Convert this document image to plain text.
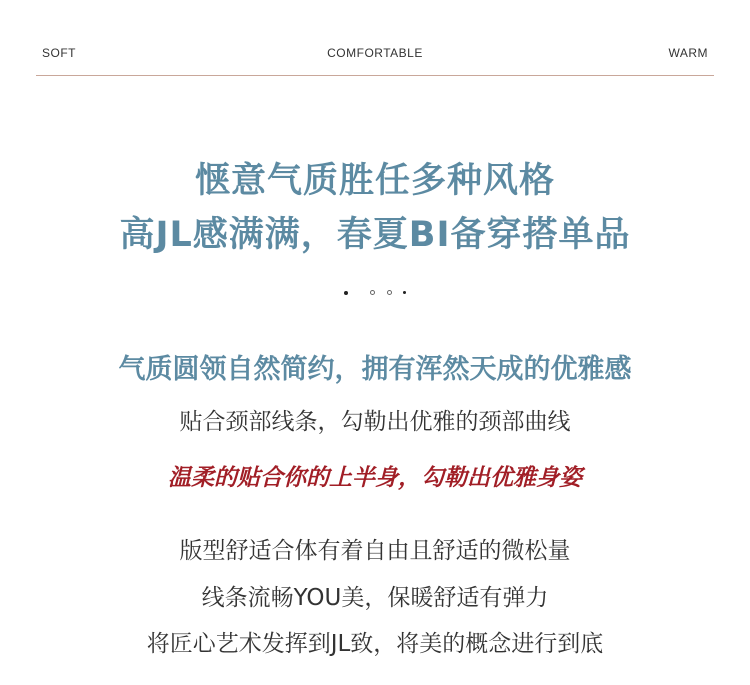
SOFT	COMFORTABLE	WARM
惬意气质胜任多种风格
高JL感满满，春夏BI备穿搭单品

气质圆领自然简约，拥有浑然天成的优雅感
贴合颈部线条，勾勒出优雅的颈部曲线
温柔的贴合你的上半身，勾勒出优雅身姿
版型舒适合体有着自由且舒适的微松量
线条流畅YOU美，保暖舒适有弹力
将匠心艺术发挥到JL致，将美的概念进行到底
